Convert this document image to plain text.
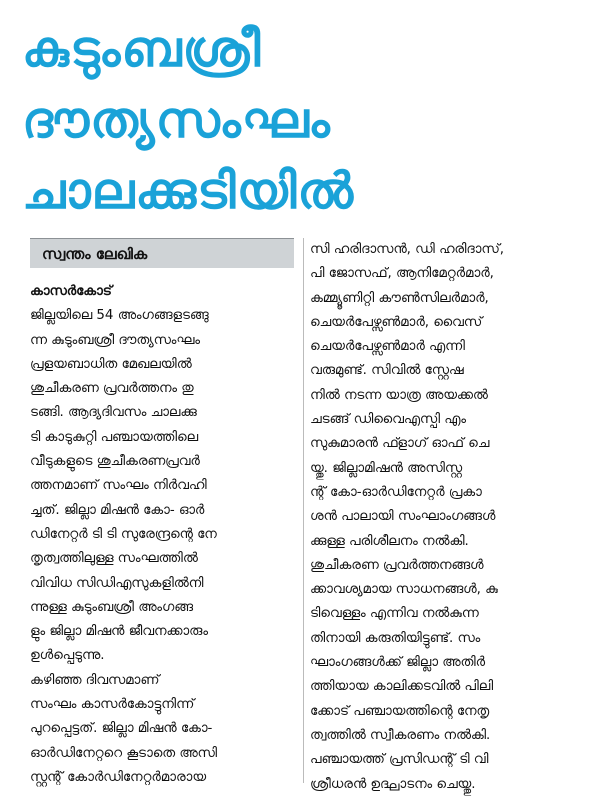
കുടുംബശ്രീ
ദൗത്യസംഘം
ചാലക്കുടിയിൽ
സ്വന്തം ലേഖിക
കാസർകോട്
ജില്ലയിലെ 54 അംഗങ്ങളടങ്ങു
ന്ന കുടുംബശ്രീ ദൗത്യസംഘം
പ്രളയബാധിത മേഖലയിൽ
ശുചീകരണ പ്രവർത്തനം തു
ടങ്ങി. ആദ്യദിവസം ചാലക്കു
ടി കാടുകുറ്റി പഞ്ചായത്തിലെ
വീടുകളുടെ ശുചീകരണപ്രവർ
ത്തനമാണ് സംഘം നിർവഹി
ച്ചത്. ജില്ലാ മിഷൻ കോ- ഓർ
ഡിനേറ്റർ ടി ടി സുരേന്ദ്രന്റെ നേ
തൃത്വത്തിലുള്ള സംഘത്തിൽ
വിവിധ സിഡിഎസുകളിൽനി
ന്നുള്ള കുടുംബശ്രീ അംഗങ്ങ
ളും ജില്ലാ മിഷൻ ജീവനക്കാരും
ഉൾപ്പെടുന്നു.
കഴിഞ്ഞ ദിവസമാണ്
സംഘം കാസർകോട്ടുനിന്ന്
പുറപ്പെട്ടത്. ജില്ലാ മിഷൻ കോ-
ഓർഡിനേറ്ററെ കൂടാതെ അസി
സ്റ്റന്റ് കോർഡിനേറ്റർമാരായ
സി ഹരിദാസൻ, ഡി ഹരിദാസ്,
പി ജോസഫ്, ആനിമേറ്റർമാർ,
കമ്മ്യൂണിറ്റി കൗൺസിലർമാർ,
ചെയർപേഴ്സൺമാർ, വൈസ്
ചെയർപേഴ്സൺമാർ എന്നി
വരുമുണ്ട്. സിവിൽ സ്റ്റേഷ
നിൽ നടന്ന യാത്ര അയക്കൽ
ചടങ്ങ് ഡിവൈഎസ്പി എം
സുകുമാരൻ ഫ്ളാഗ് ഓഫ് ചെ
യ്തു. ജില്ലാമിഷൻ അസിസ്റ്റ
ന്റ് കോ-ഓർഡിനേറ്റർ പ്രകാ
ശൻ പാലായി സംഘാംഗങ്ങൾ
ക്കുള്ള പരിശീലനം നൽകി.
ശുചീകരണ പ്രവർത്തനങ്ങൾ
ക്കാവശ്യമായ സാധനങ്ങൾ, കു
ടിവെള്ളം എന്നിവ നൽകുന്ന
തിനായി കരുതിയിട്ടുണ്ട്. സം
ഘാംഗങ്ങൾക്ക് ജില്ലാ അതിർ
ത്തിയായ കാലിക്കടവിൽ പിലി
ക്കോട് പഞ്ചായത്തിന്റെ നേതൃ
ത്വത്തിൽ സ്വീകരണം നൽകി.
പഞ്ചായത്ത് പ്രസിഡന്റ് ടി വി
ശ്രീധരൻ ഉദ്ഘാടനം ചെയ്തു.
